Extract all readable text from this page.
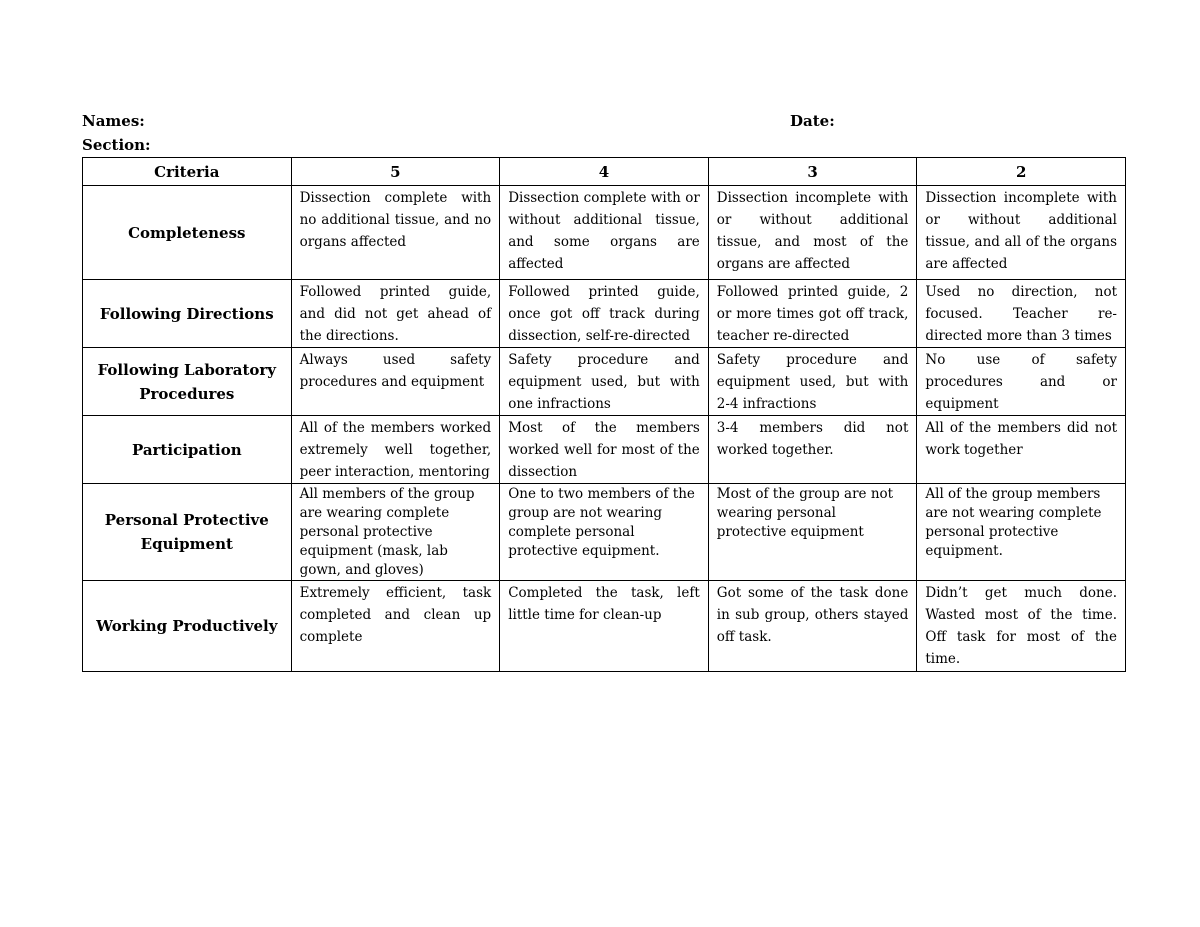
Names:	Date:
Section:
Criteria	5	4	3	2
Completeness	Dissection complete with no additional tissue, and no organs affected	Dissection complete with or without additional tissue, and some organs are affected	Dissection incomplete with or without additional tissue, and most of the organs are affected	Dissection incomplete with or without additional tissue, and all of the organs are affected
Following Directions	Followed printed guide, and did not get ahead of the directions.	Followed printed guide, once got off track during dissection, self-re-directed	Followed printed guide, 2 or more times got off track, teacher re-directed	Used no direction, not focused. Teacher re-directed more than 3 times
Following Laboratory Procedures	Always used safety procedures and equipment	Safety procedure and equipment used, but with one infractions	Safety procedure and equipment used, but with 2-4 infractions	No use of safety procedures and or equipment
Participation	All of the members worked extremely well together, peer interaction, mentoring	Most of the members worked well for most of the dissection	3-4 members did not worked together.	All of the members did not work together
Personal Protective Equipment	All members of the group are wearing complete personal protective equipment (mask, lab gown, and gloves)	One to two members of the group are not wearing complete personal protective equipment.	Most of the group are not wearing personal protective equipment	All of the group members are not wearing complete personal protective equipment.
Working Productively	Extremely efficient, task completed and clean up complete	Completed the task, left little time for clean-up	Got some of the task done in sub group, others stayed off task.	Didn’t get much done. Wasted most of the time. Off task for most of the time.
